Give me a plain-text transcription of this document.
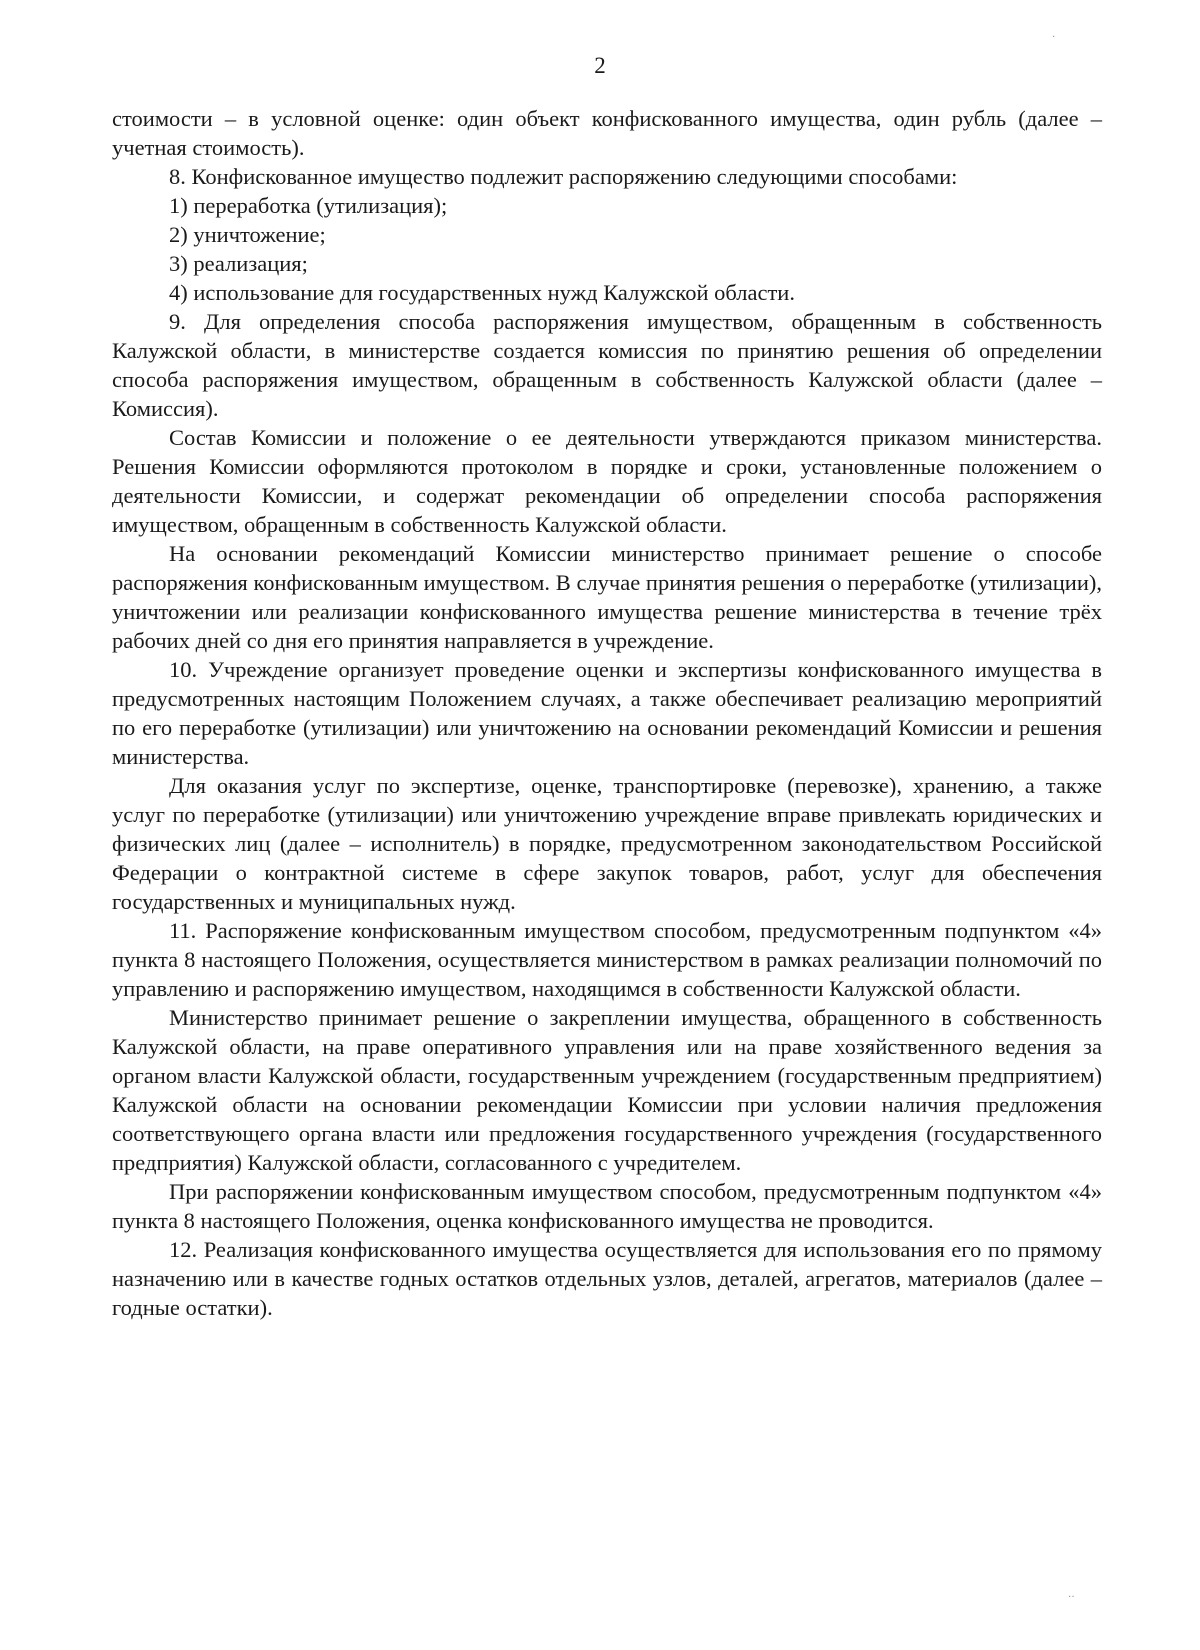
2

стоимости – в условной оценке: один объект конфискованного имущества, один рубль (далее – учетная стоимость).

8. Конфискованное имущество подлежит распоряжению следующими способами:

1) переработка (утилизация);

2) уничтожение;

3) реализация;

4) использование для государственных нужд Калужской области.

9. Для определения способа распоряжения имуществом, обращенным в собственность Калужской области, в министерстве создается комиссия по принятию решения об определении способа распоряжения имуществом, обращенным в собственность Калужской области (далее – Комиссия).

Состав Комиссии и положение о ее деятельности утверждаются приказом министерства. Решения Комиссии оформляются протоколом в порядке и сроки, установленные положением о деятельности Комиссии, и содержат рекомендации об определении способа распоряжения имуществом, обращенным в собственность Калужской области.

На основании рекомендаций Комиссии министерство принимает решение о способе распоряжения конфискованным имуществом. В случае принятия решения о переработке (утилизации), уничтожении или реализации конфискованного имущества решение министерства в течение трёх рабочих дней со дня его принятия направляется в учреждение.

10. Учреждение организует проведение оценки и экспертизы конфискованного имущества в предусмотренных настоящим Положением случаях, а также обеспечивает реализацию мероприятий по его переработке (утилизации) или уничтожению на основании рекомендаций Комиссии и решения министерства.

Для оказания услуг по экспертизе, оценке, транспортировке (перевозке), хранению, а также услуг по переработке (утилизации) или уничтожению учреждение вправе привлекать юридических и физических лиц (далее – исполнитель) в порядке, предусмотренном законодательством Российской Федерации о контрактной системе в сфере закупок товаров, работ, услуг для обеспечения государственных и муниципальных нужд.

11. Распоряжение конфискованным имуществом способом, предусмотренным подпунктом «4» пункта 8 настоящего Положения, осуществляется министерством в рамках реализации полномочий по управлению и распоряжению имуществом, находящимся в собственности Калужской области.

Министерство принимает решение о закреплении имущества, обращенного в собственность Калужской области, на праве оперативного управления или на праве хозяйственного ведения за органом власти Калужской области, государственным учреждением (государственным предприятием) Калужской области на основании рекомендации Комиссии при условии наличия предложения соответствующего органа власти или предложения государственного учреждения (государственного предприятия) Калужской области, согласованного с учредителем.

При распоряжении конфискованным имуществом способом, предусмотренным подпунктом «4» пункта 8 настоящего Положения, оценка конфискованного имущества не проводится.

12. Реализация конфискованного имущества осуществляется для использования его по прямому назначению или в качестве годных остатков отдельных узлов, деталей, агрегатов, материалов (далее – годные остатки).

·
··
